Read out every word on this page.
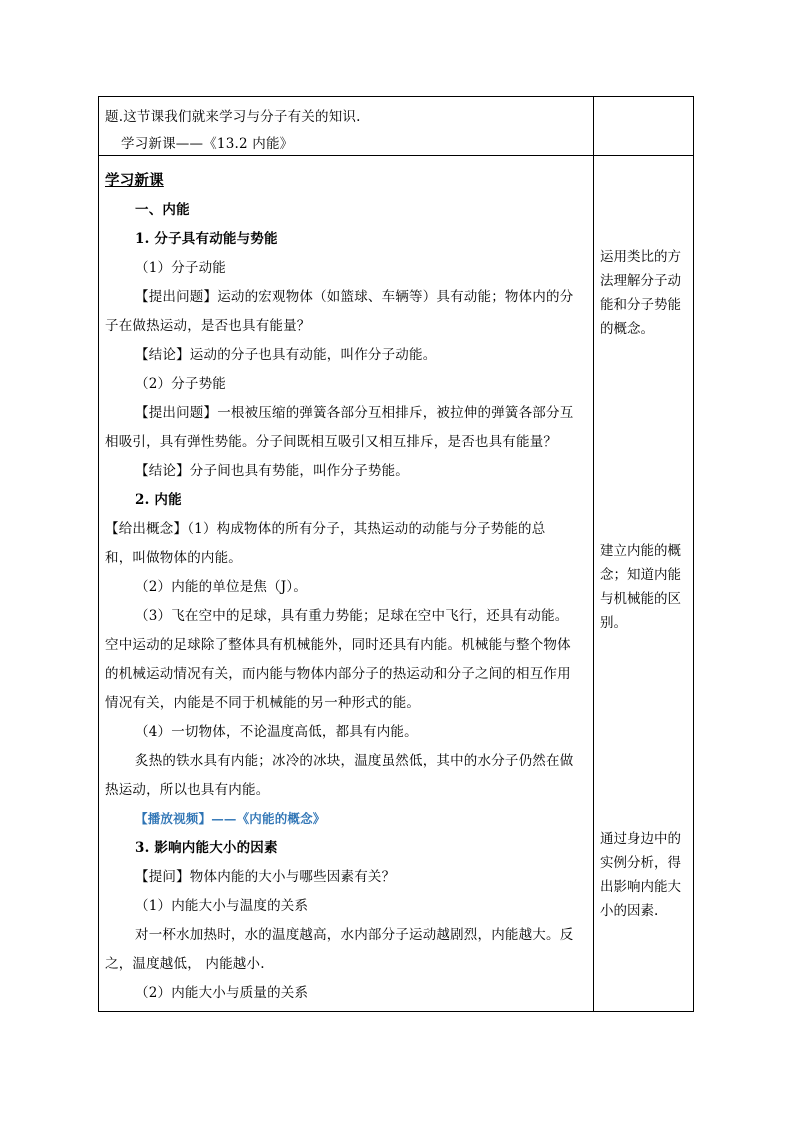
题.这节课我们就来学习与分子有关的知识.
学习新课——《13.2 内能》
学习新课
一、内能
1. 分子具有动能与势能
（1）分子动能
【提出问题】运动的宏观物体（如篮球、车辆等）具有动能；物体内的分
子在做热运动，是否也具有能量？
【结论】运动的分子也具有动能，叫作分子动能。
（2）分子势能
【提出问题】一根被压缩的弹簧各部分互相排斥，被拉伸的弹簧各部分互
相吸引，具有弹性势能。分子间既相互吸引又相互排斥，是否也具有能量？
【结论】分子间也具有势能，叫作分子势能。
2. 内能
【给出概念】（1）构成物体的所有分子，其热运动的动能与分子势能的总
和，叫做物体的内能。
（2）内能的单位是焦（J）。
（3）飞在空中的足球，具有重力势能；足球在空中飞行，还具有动能。
空中运动的足球除了整体具有机械能外，同时还具有内能。机械能与整个物体
的机械运动情况有关，而内能与物体内部分子的热运动和分子之间的相互作用
情况有关，内能是不同于机械能的另一种形式的能。
（4）一切物体，不论温度高低，都具有内能。
炙热的铁水具有内能；冰冷的冰块，温度虽然低，其中的水分子仍然在做
热运动，所以也具有内能。
【播放视频】——《内能的概念》
3. 影响内能大小的因素
【提问】物体内能的大小与哪些因素有关？
（1）内能大小与温度的关系
对一杯水加热时，水的温度越高，水内部分子运动越剧烈，内能越大。反
之，温度越低， 内能越小.
（2）内能大小与质量的关系
运用类比的方
法理解分子动
能和分子势能
的概念。
建立内能的概
念；知道内能
与机械能的区
别。
通过身边中的
实例分析，得
出影响内能大
小的因素.
